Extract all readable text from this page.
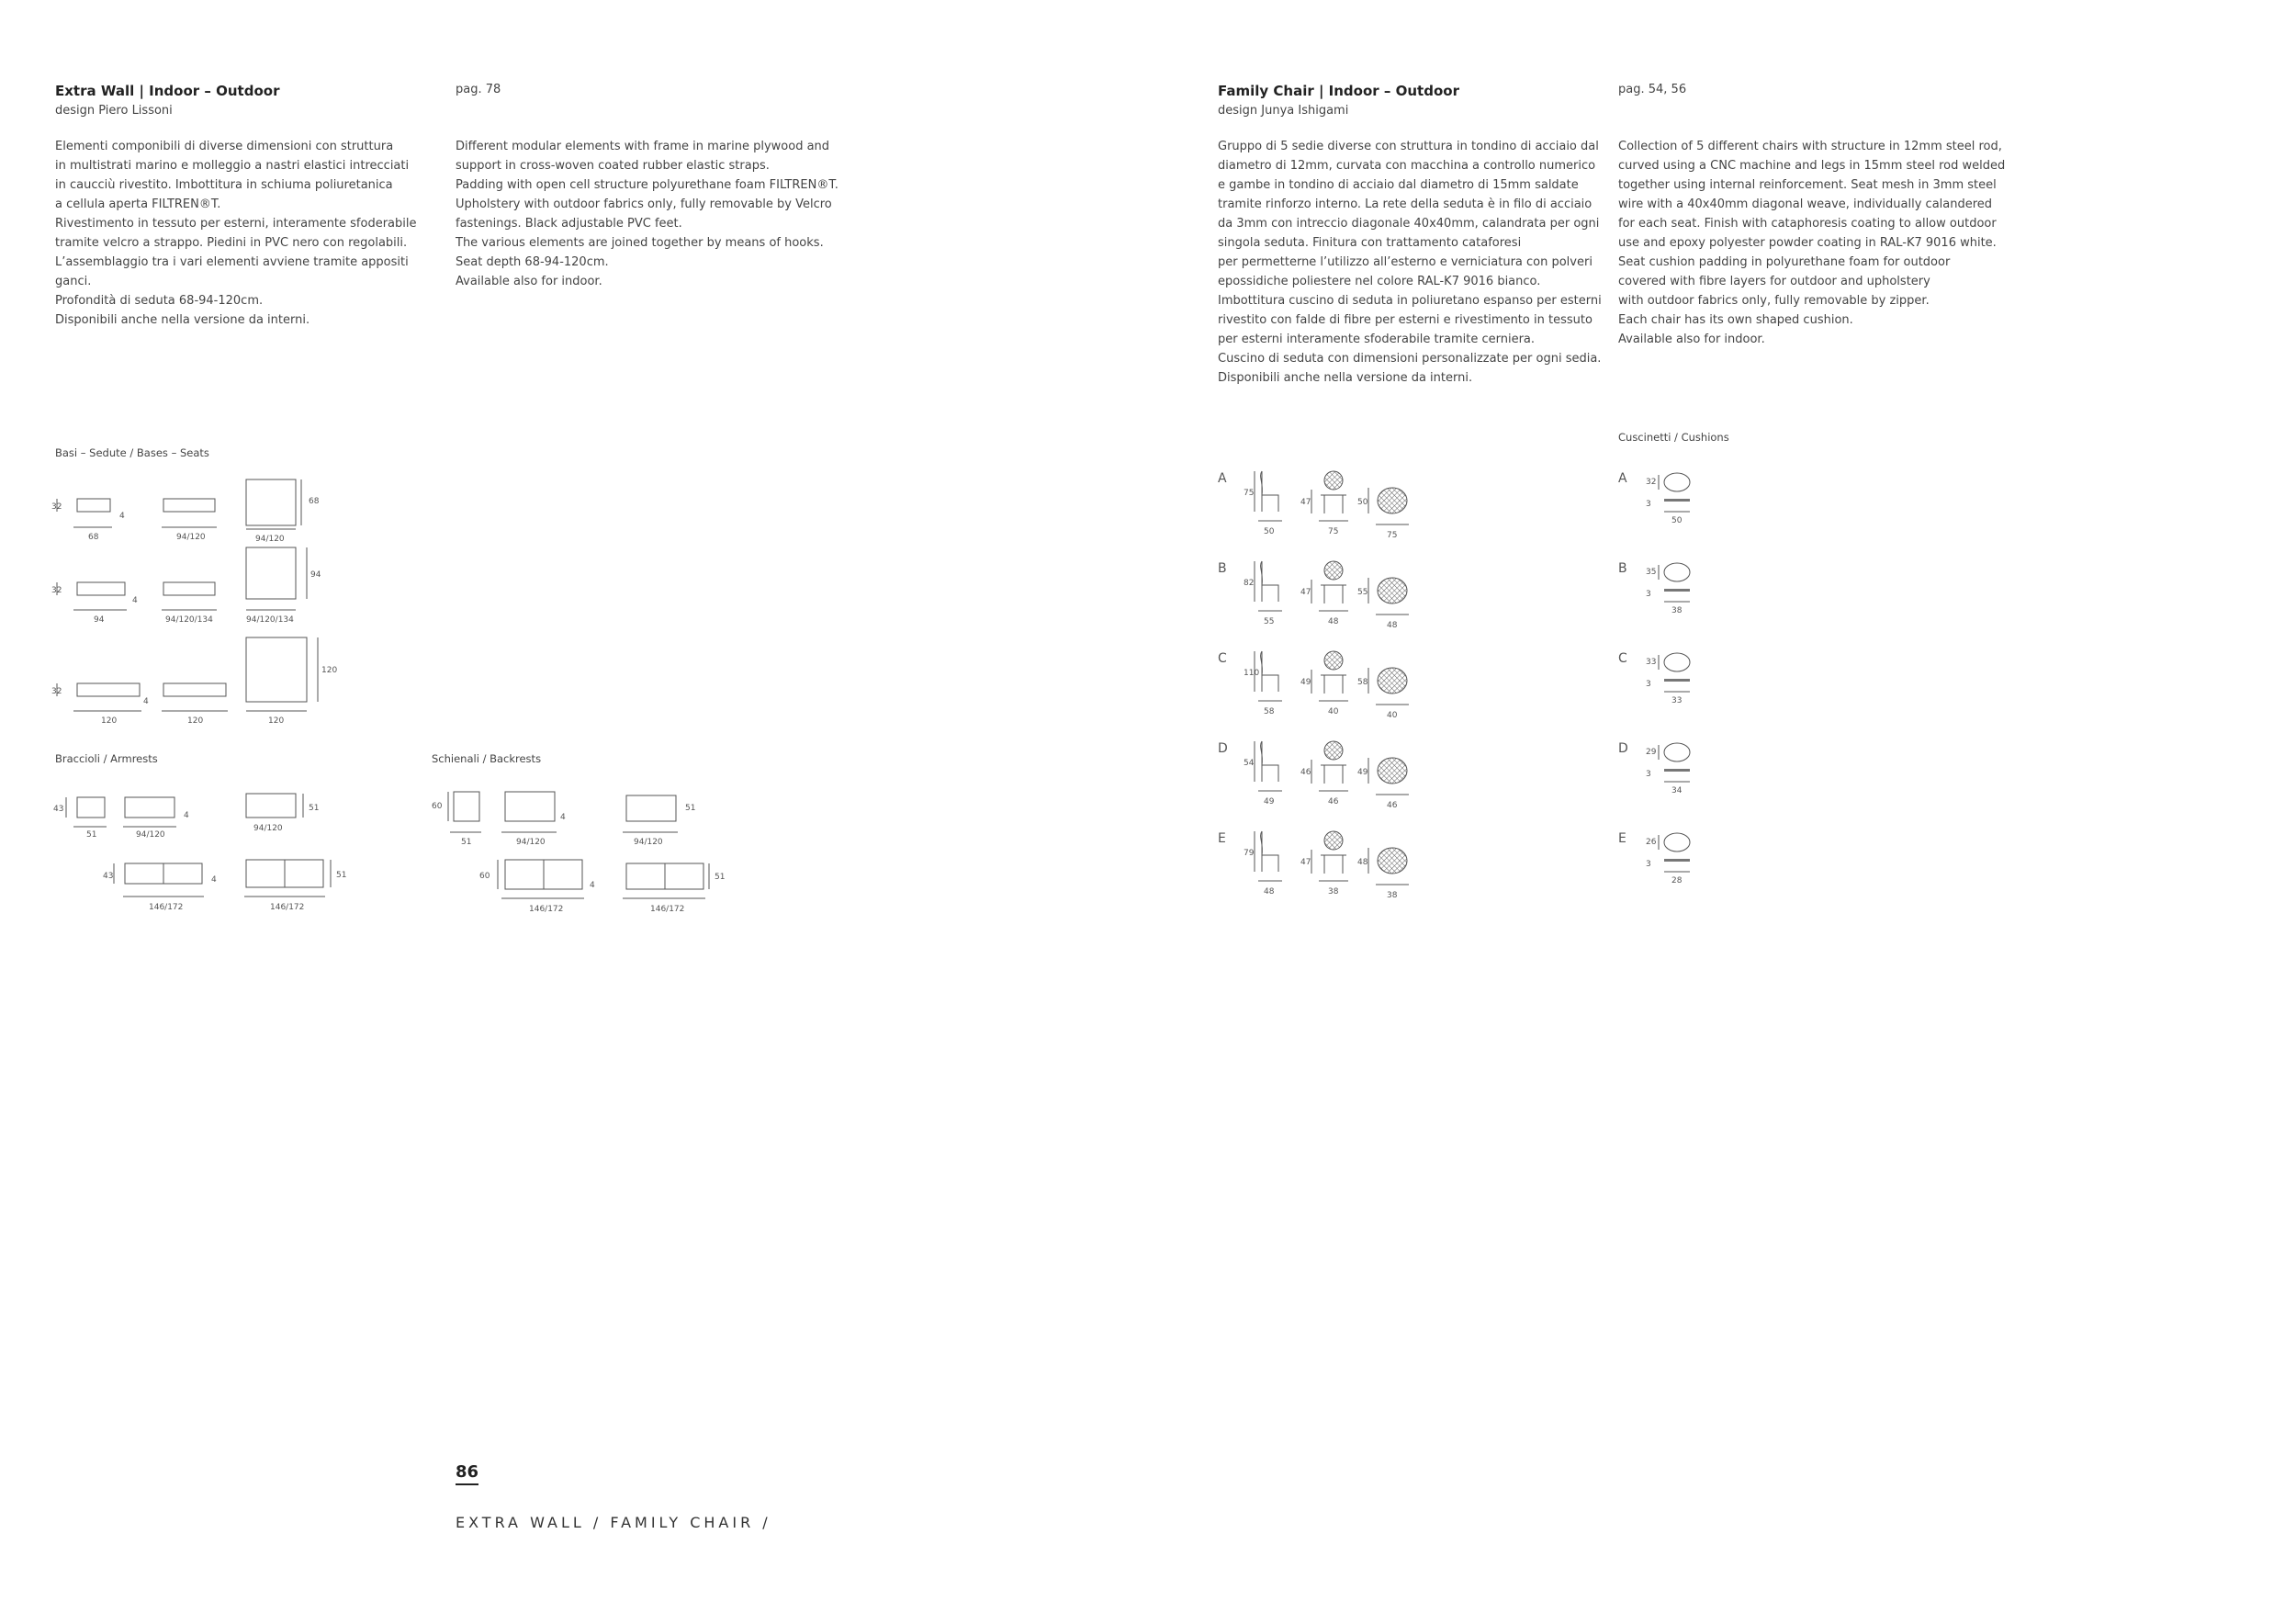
Extra Wall | Indoor – Outdoor
design Piero Lissoni
Elementi componibili di diverse dimensioni con struttura
in multistrati marino e molleggio a nastri elastici intrecciati
in caucciù rivestito. Imbottitura in schiuma poliuretanica
a cellula aperta FILTREN®T.
Rivestimento in tessuto per esterni, interamente sfoderabile
tramite velcro a strappo. Piedini in PVC nero con regolabili.
L’assemblaggio tra i vari elementi avviene tramite appositi ganci.
Profondità di seduta 68-94-120cm.
Disponibili anche nella versione da interni.
pag. 78
Different modular elements with frame in marine plywood and
support in cross-woven coated rubber elastic straps.
Padding with open cell structure polyurethane foam FILTREN®T.
Upholstery with outdoor fabrics only, fully removable by Velcro
fastenings. Black adjustable PVC feet.
The various elements are joined together by means of hooks.
Seat depth 68-94-120cm.
Available also for indoor.
Family Chair | Indoor – Outdoor
design Junya Ishigami
Gruppo di 5 sedie diverse con struttura in tondino di acciaio dal
diametro di 12mm, curvata con macchina a controllo numerico
e gambe in tondino di acciaio dal diametro di 15mm saldate
tramite rinforzo interno. La rete della seduta è in filo di acciaio
da 3mm con intreccio diagonale 40x40mm, calandrata per ogni
singola seduta. Finitura con trattamento cataforesi
per permetterne l’utilizzo all’esterno e verniciatura con polveri
epossidiche poliestere nel colore RAL-K7 9016 bianco.
Imbottitura cuscino di seduta in poliuretano espanso per esterni
rivestito con falde di fibre per esterni e rivestimento in tessuto
per esterni interamente sfoderabile tramite cerniera.
Cuscino di seduta con dimensioni personalizzate per ogni sedia.
Disponibili anche nella versione da interni.
pag. 54, 56
Collection of 5 different chairs with structure in 12mm steel rod,
curved using a CNC machine and legs in 15mm steel rod welded
together using internal reinforcement. Seat mesh in 3mm steel
wire with a 40x40mm diagonal weave, individually calandered
for each seat. Finish with cataphoresis coating to allow outdoor
use and epoxy polyester powder coating in RAL-K7 9016 white.
Seat cushion padding in polyurethane foam for outdoor
covered with fibre layers for outdoor and upholstery
with outdoor fabrics only, fully removable by zipper.
Each chair has its own shaped cushion.
Available also for indoor.
Basi – Sedute / Bases – Seats
Braccioli / Armrests	Schienali / Backrests
Cuscinetti / Cushions
32
4
68	94/120	94/120
68
32
4
94	94/120/134	94/120/134
94
32
4
120	120	120
120
43
51	94/120
4
94/120
51
43	4
146/172	146/172
51
60
51	94/120
4
94/120
51
60
4
146/172	146/172
51
A
75
50
47
75
50
75
B
82
55
47
48
55
48
C
110
58
49
40
58
40
D
54
49
46
46
49
46
E
79
48
47
38
48
38
A 32
3
50
B 35
3
38
C 33
3
33
D 29
3
34
E 26
3
28
86
EXTRA WALL / FAMILY CHAIR /
